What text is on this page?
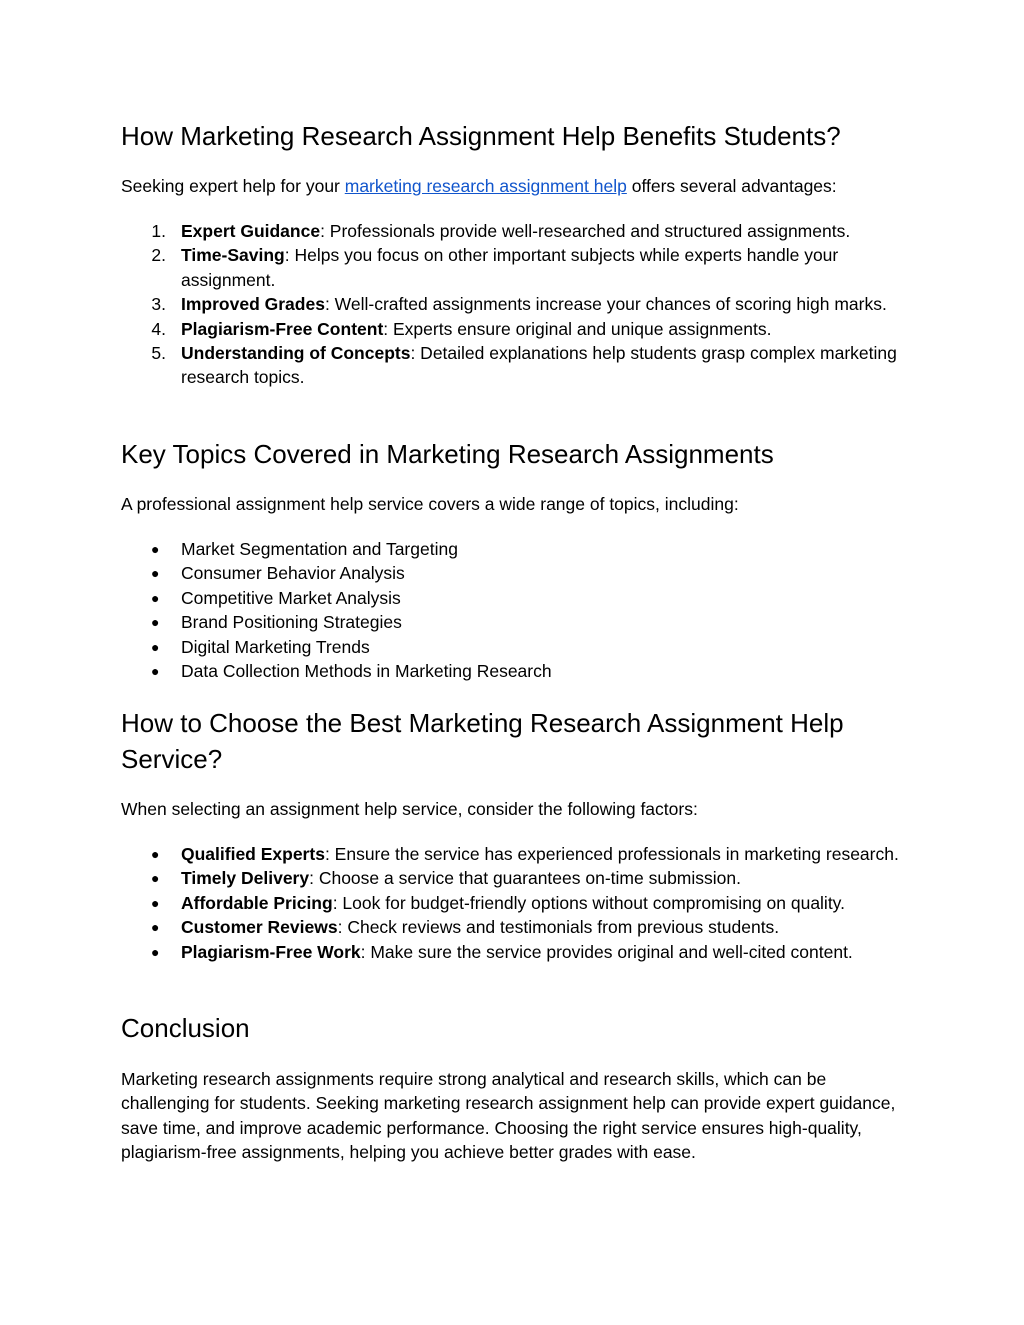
How Marketing Research Assignment Help Benefits Students?

Seeking expert help for your marketing research assignment help offers several advantages:

1. Expert Guidance: Professionals provide well-researched and structured assignments.
2. Time-Saving: Helps you focus on other important subjects while experts handle your assignment.
3. Improved Grades: Well-crafted assignments increase your chances of scoring high marks.
4. Plagiarism-Free Content: Experts ensure original and unique assignments.
5. Understanding of Concepts: Detailed explanations help students grasp complex marketing research topics.
Key Topics Covered in Marketing Research Assignments

A professional assignment help service covers a wide range of topics, including:

● Market Segmentation and Targeting
● Consumer Behavior Analysis
● Competitive Market Analysis
● Brand Positioning Strategies
● Digital Marketing Trends
● Data Collection Methods in Marketing Research
How to Choose the Best Marketing Research Assignment Help Service?

When selecting an assignment help service, consider the following factors:

● Qualified Experts: Ensure the service has experienced professionals in marketing research.
● Timely Delivery: Choose a service that guarantees on-time submission.
● Affordable Pricing: Look for budget-friendly options without compromising on quality.
● Customer Reviews: Check reviews and testimonials from previous students.
● Plagiarism-Free Work: Make sure the service provides original and well-cited content.
Conclusion

Marketing research assignments require strong analytical and research skills, which can be challenging for students. Seeking marketing research assignment help can provide expert guidance, save time, and improve academic performance. Choosing the right service ensures high-quality, plagiarism-free assignments, helping you achieve better grades with ease.
